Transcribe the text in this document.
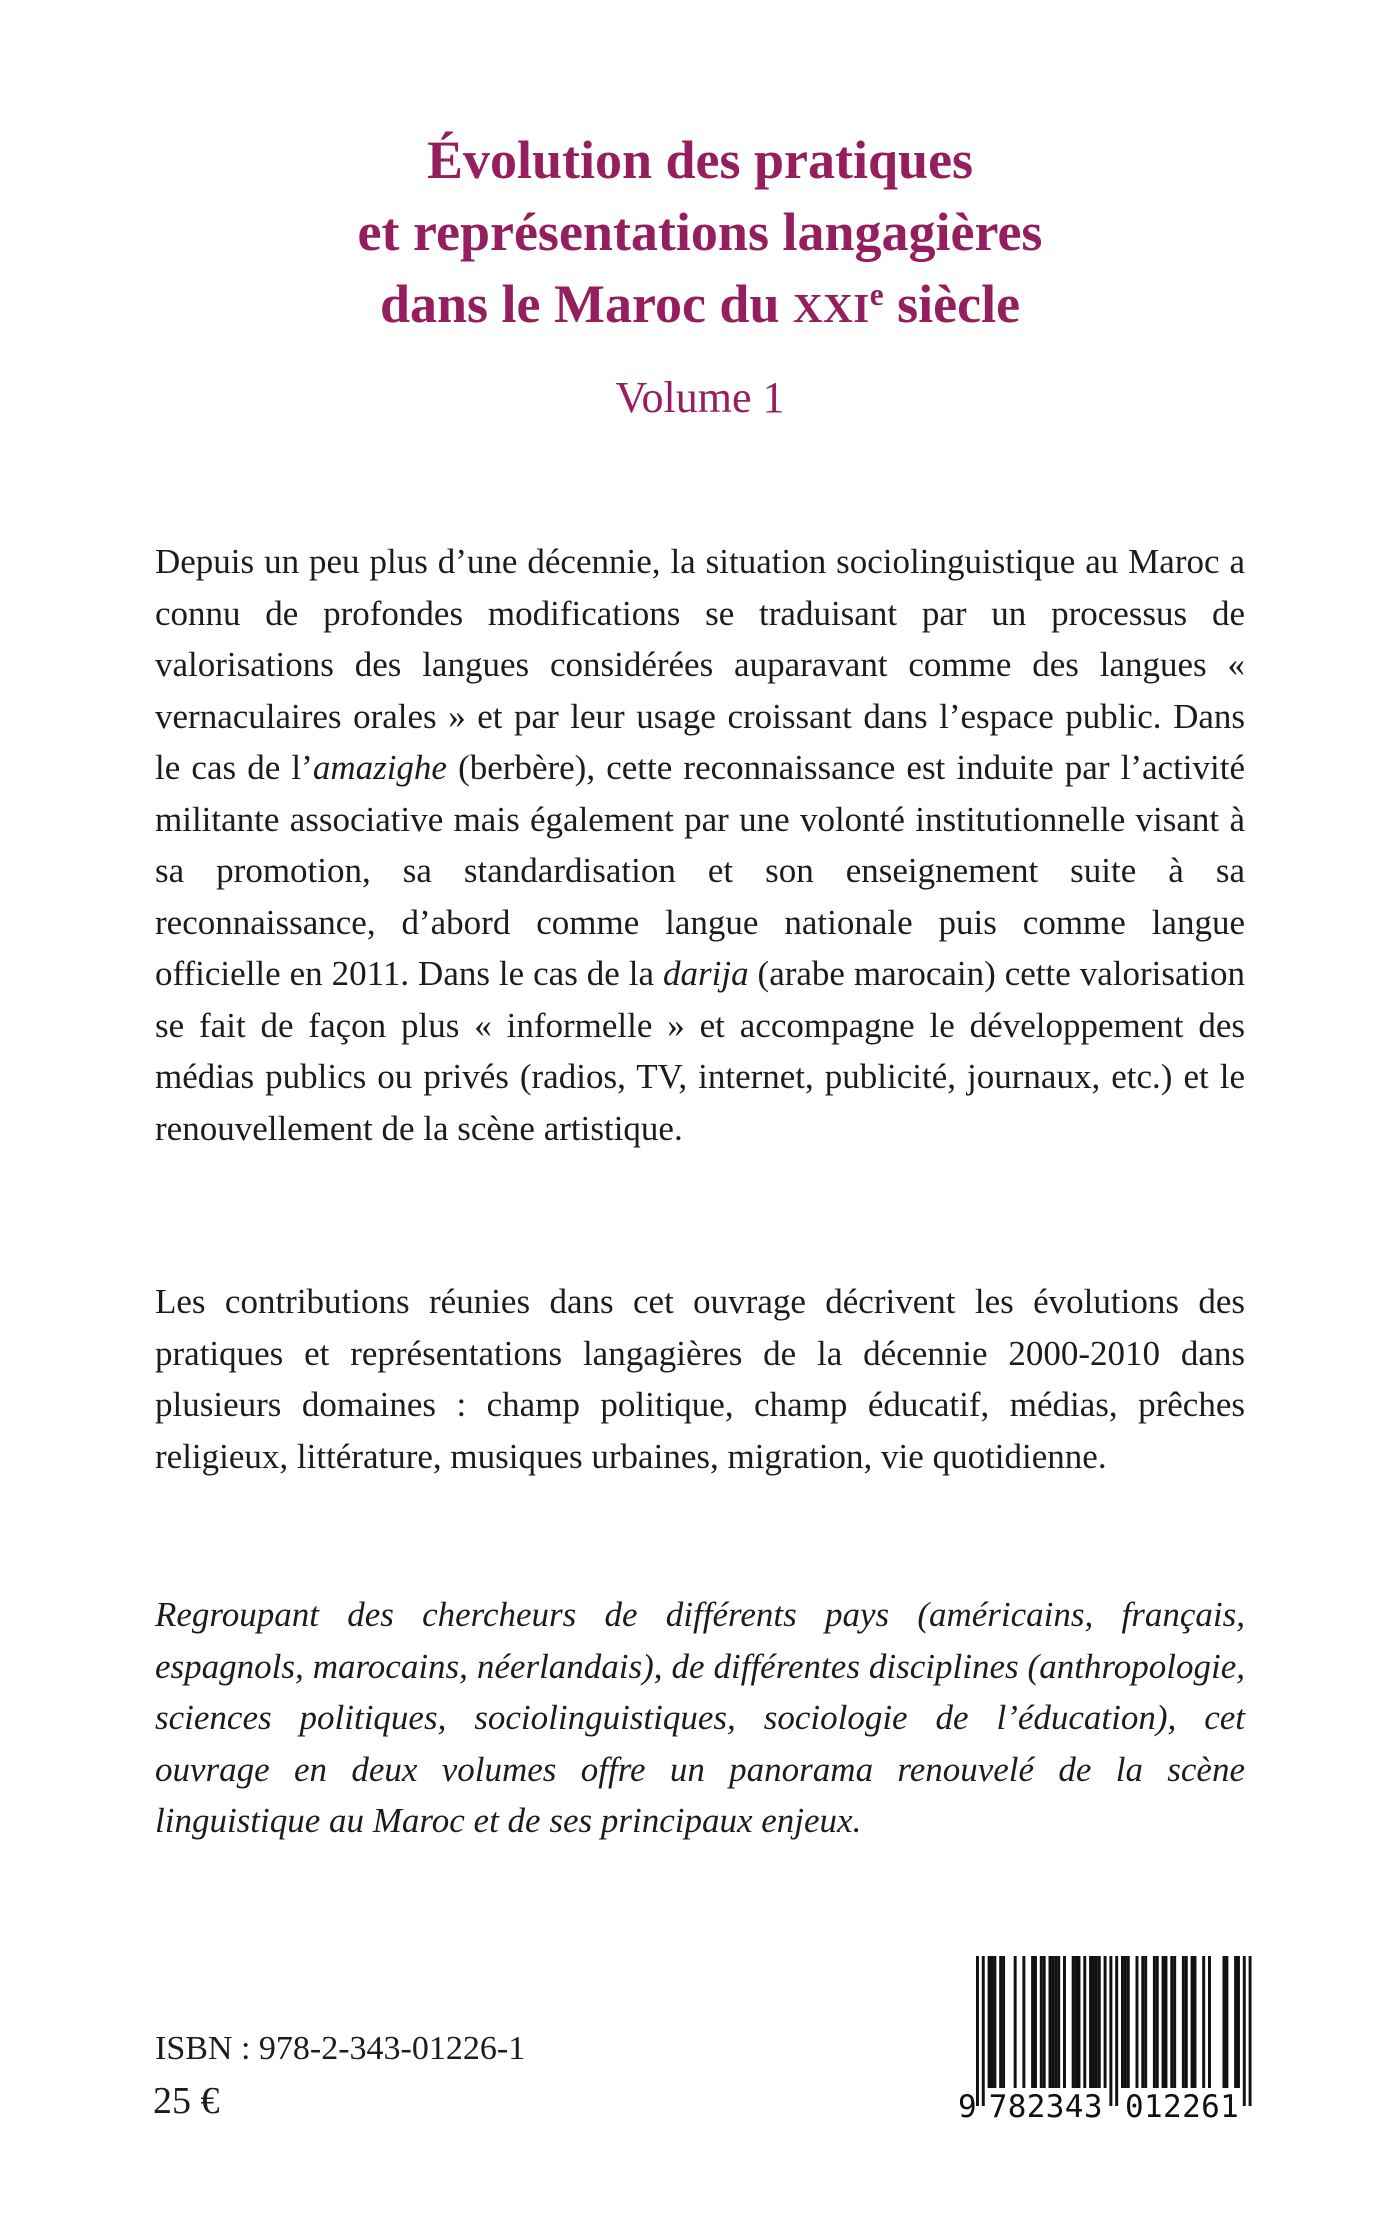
Évolution des pratiques
et représentations langagières
dans le Maroc du XXIe siècle
Volume 1
Depuis un peu plus d’une décennie, la situation sociolinguistique au Maroc a connu de profondes modifications se traduisant par un processus de valorisations des langues considérées auparavant comme des langues « vernaculaires orales » et par leur usage croissant dans l’espace public. Dans le cas de l’amazighe (berbère), cette reconnaissance est induite par l’activité militante associative mais également par une volonté institutionnelle visant à sa promotion, sa standardisation et son enseignement suite à sa reconnaissance, d’abord comme langue nationale puis comme langue officielle en 2011. Dans le cas de la darija (arabe marocain) cette valorisation se fait de façon plus « informelle » et accompagne le développement des médias publics ou privés (radios, TV, internet, publicité, journaux, etc.) et le renouvellement de la scène artistique.
Les contributions réunies dans cet ouvrage décrivent les évolutions des pratiques et représentations langagières de la décennie 2000-2010 dans plusieurs domaines : champ politique, champ éducatif, médias, prêches religieux, littérature, musiques urbaines, migration, vie quotidienne.
Regroupant des chercheurs de différents pays (américains, français, espagnols, marocains, néerlandais), de différentes disciplines (anthropologie, sciences politiques, sociolinguistiques, sociologie de l’éducation), cet ouvrage en deux volumes offre un panorama renouvelé de la scène linguistique au Maroc et de ses principaux enjeux.
ISBN : 978-2-343-01226-1
25 €	9 782343 012261
